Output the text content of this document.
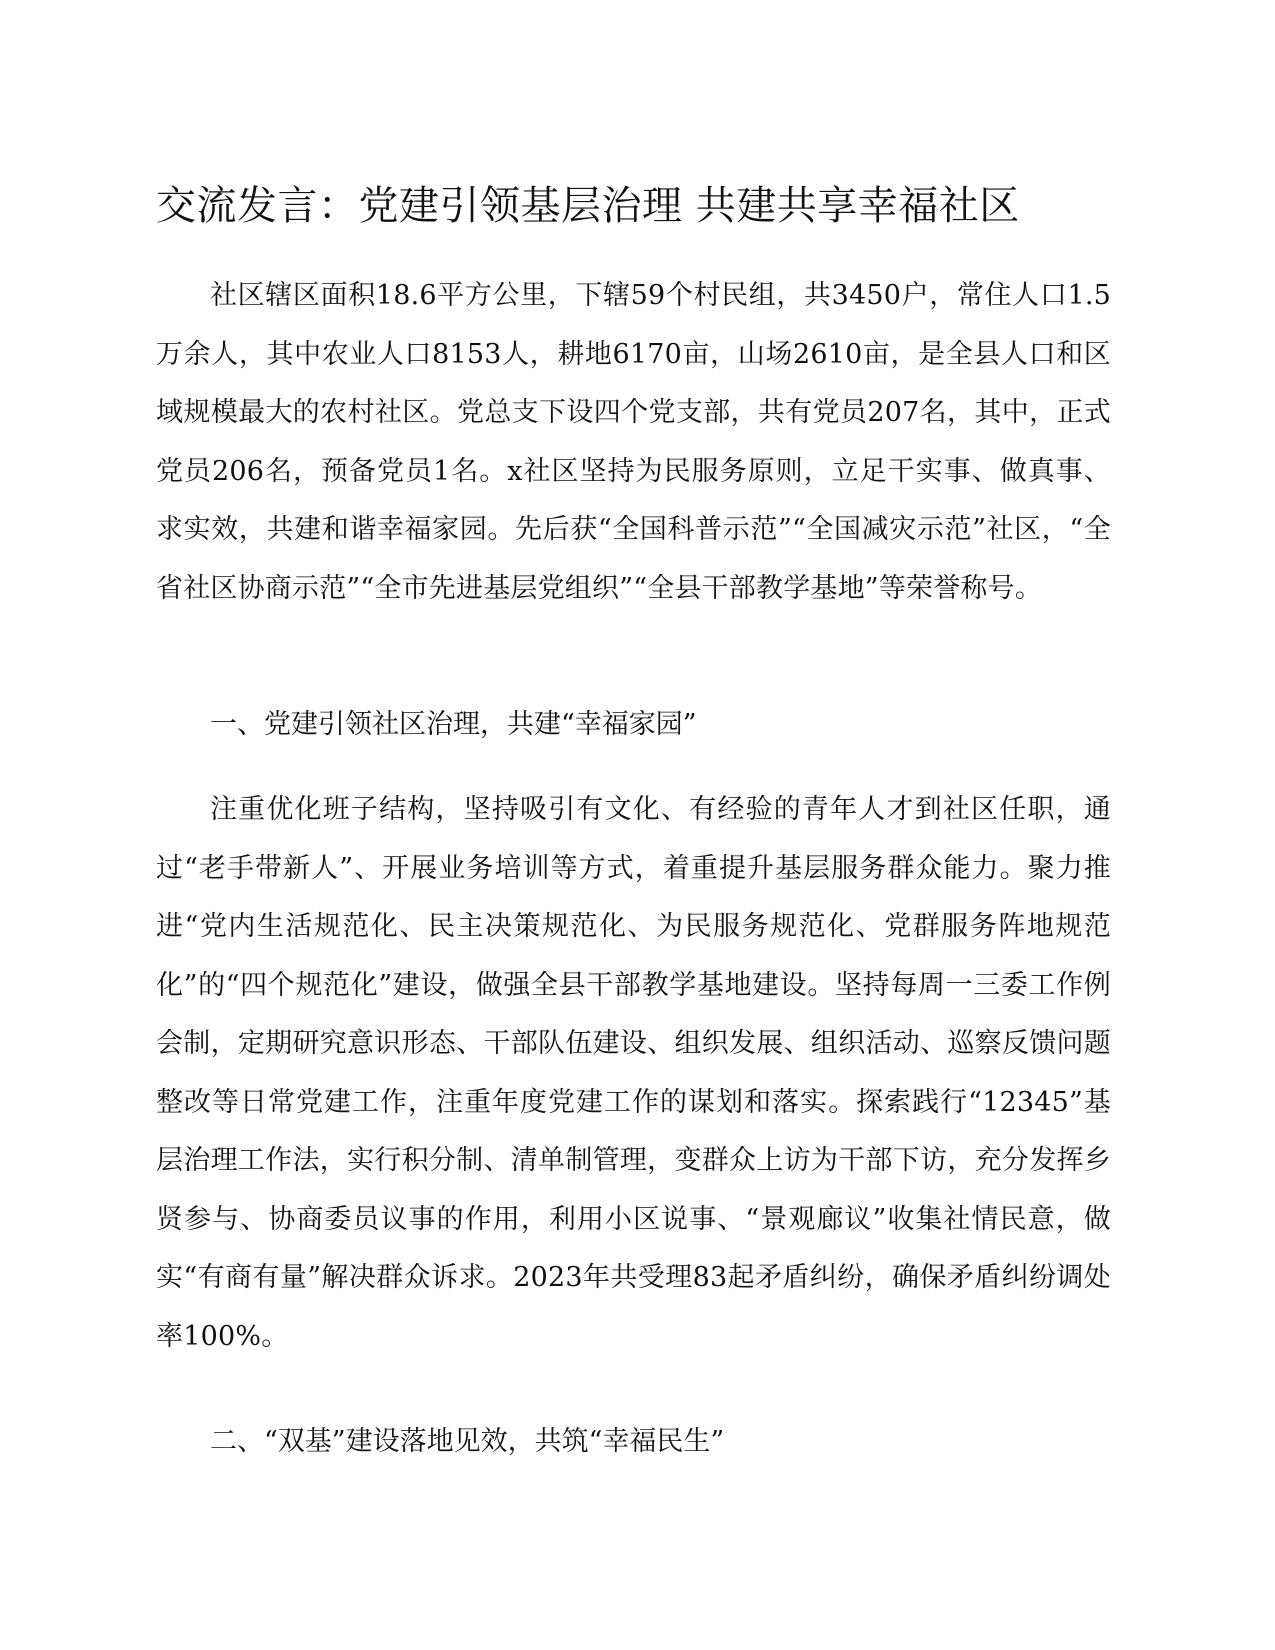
交流发言：党建引领基层治理 共建共享幸福社区

社区辖区面积18.6平方公里，下辖59个村民组，共3450户，常住人口1.5万余人，其中农业人口8153人，耕地6170亩，山场2610亩，是全县人口和区域规模最大的农村社区。党总支下设四个党支部，共有党员207名，其中，正式党员206名，预备党员1名。x社区坚持为民服务原则，立足干实事、做真事、求实效，共建和谐幸福家园。先后获“全国科普示范”“全国减灾示范”社区，“全省社区协商示范”“全市先进基层党组织”“全县干部教学基地”等荣誉称号。

一、党建引领社区治理，共建“幸福家园”

注重优化班子结构，坚持吸引有文化、有经验的青年人才到社区任职，通过“老手带新人”、开展业务培训等方式，着重提升基层服务群众能力。聚力推进“党内生活规范化、民主决策规范化、为民服务规范化、党群服务阵地规范化”的“四个规范化”建设，做强全县干部教学基地建设。坚持每周一三委工作例会制，定期研究意识形态、干部队伍建设、组织发展、组织活动、巡察反馈问题整改等日常党建工作，注重年度党建工作的谋划和落实。探索践行“12345”基层治理工作法，实行积分制、清单制管理，变群众上访为干部下访，充分发挥乡贤参与、协商委员议事的作用，利用小区说事、“景观廊议”收集社情民意，做实“有商有量”解决群众诉求。2023年共受理83起矛盾纠纷，确保矛盾纠纷调处率100%。

二、“双基”建设落地见效，共筑“幸福民生”
